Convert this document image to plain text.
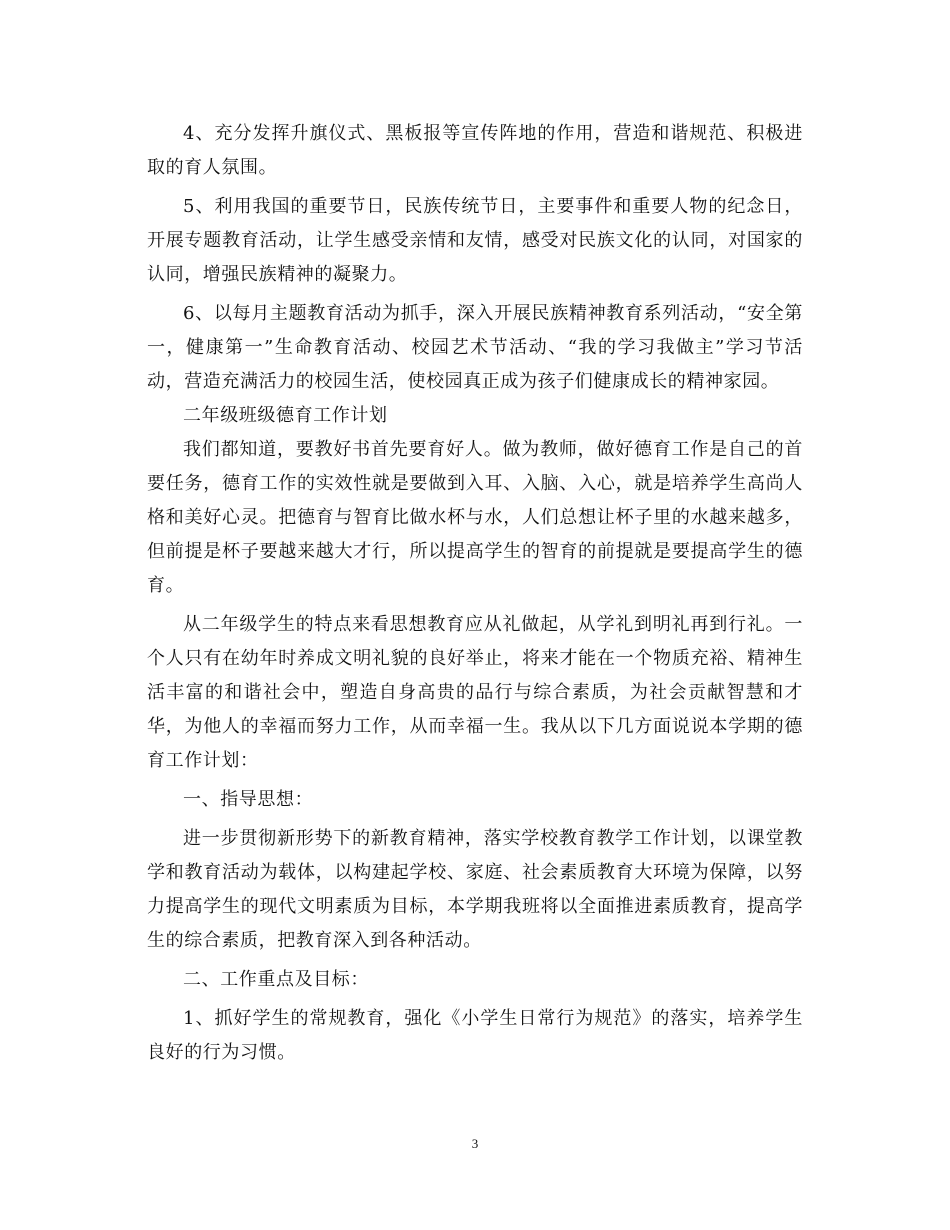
4、充分发挥升旗仪式、黑板报等宣传阵地的作用，营造和谐规范、积极进取的育人氛围。

5、利用我国的重要节日，民族传统节日，主要事件和重要人物的纪念日，开展专题教育活动，让学生感受亲情和友情，感受对民族文化的认同，对国家的认同，增强民族精神的凝聚力。

6、以每月主题教育活动为抓手，深入开展民族精神教育系列活动，“安全第一，健康第一”生命教育活动、校园艺术节活动、“我的学习我做主”学习节活动，营造充满活力的校园生活，使校园真正成为孩子们健康成长的精神家园。

二年级班级德育工作计划

我们都知道，要教好书首先要育好人。做为教师，做好德育工作是自己的首要任务，德育工作的实效性就是要做到入耳、入脑、入心，就是培养学生高尚人格和美好心灵。把德育与智育比做水杯与水，人们总想让杯子里的水越来越多，但前提是杯子要越来越大才行，所以提高学生的智育的前提就是要提高学生的德育。

从二年级学生的特点来看思想教育应从礼做起，从学礼到明礼再到行礼。一个人只有在幼年时养成文明礼貌的良好举止，将来才能在一个物质充裕、精神生活丰富的和谐社会中，塑造自身高贵的品行与综合素质，为社会贡献智慧和才华，为他人的幸福而努力工作，从而幸福一生。我从以下几方面说说本学期的德育工作计划：

一、指导思想：

进一步贯彻新形势下的新教育精神，落实学校教育教学工作计划，以课堂教学和教育活动为载体，以构建起学校、家庭、社会素质教育大环境为保障，以努力提高学生的现代文明素质为目标，本学期我班将以全面推进素质教育，提高学生的综合素质，把教育深入到各种活动。

二、工作重点及目标：

1、抓好学生的常规教育，强化《小学生日常行为规范》的落实，培养学生良好的行为习惯。

3
